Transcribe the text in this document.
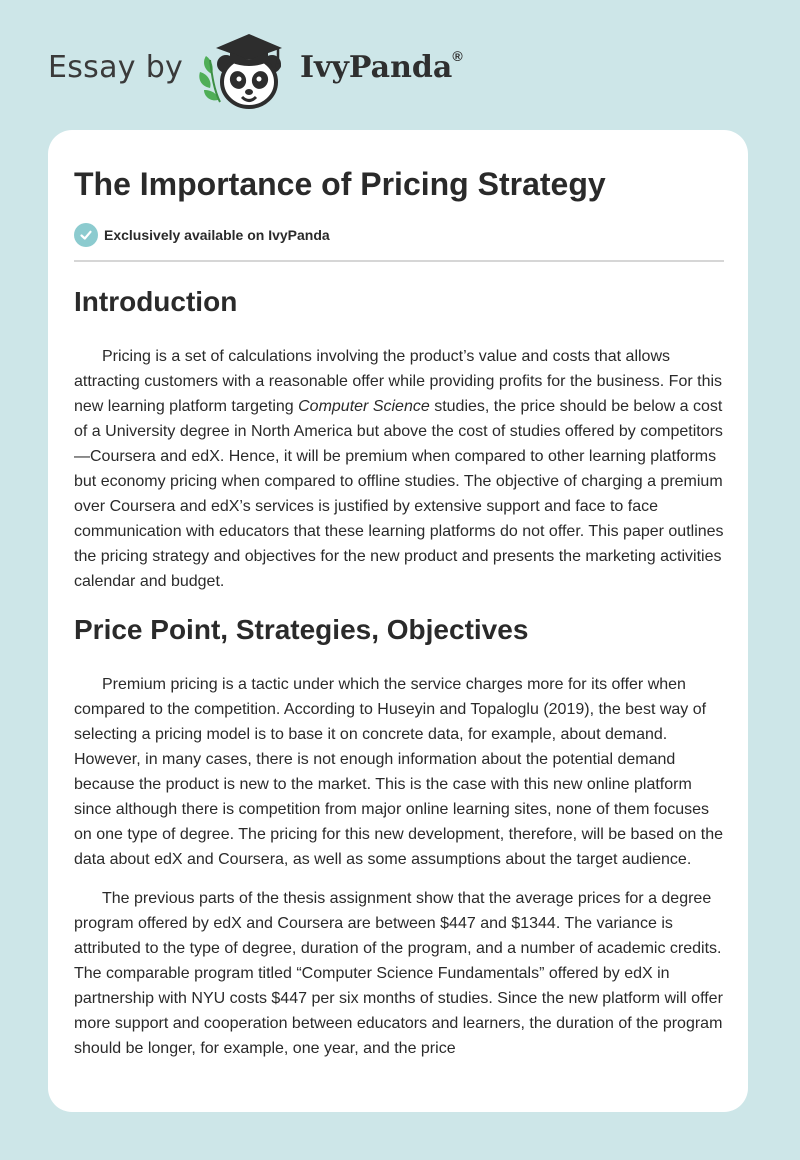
Essay by	IvyPanda®
The Importance of Pricing Strategy
Exclusively available on IvyPanda
Introduction

Pricing is a set of calculations involving the product’s value and costs that allows attracting customers with a reasonable offer while providing profits for the business. For this new learning platform targeting Computer Science studies, the price should be below a cost of a University degree in North America but above the cost of studies offered by competitors—Coursera and edX. Hence, it will be premium when compared to other learning platforms but economy pricing when compared to offline studies. The objective of charging a premium over Coursera and edX’s services is justified by extensive support and face to face communication with educators that these learning platforms do not offer. This paper outlines the pricing strategy and objectives for the new product and presents the marketing activities calendar and budget.

Price Point, Strategies, Objectives

Premium pricing is a tactic under which the service charges more for its offer when compared to the competition. According to Huseyin and Topaloglu (2019), the best way of selecting a pricing model is to base it on concrete data, for example, about demand. However, in many cases, there is not enough information about the potential demand because the product is new to the market. This is the case with this new online platform since although there is competition from major online learning sites, none of them focuses on one type of degree. The pricing for this new development, therefore, will be based on the data about edX and Coursera, as well as some assumptions about the target audience.

The previous parts of the thesis assignment show that the average prices for a degree program offered by edX and Coursera are between $447 and $1344. The variance is attributed to the type of degree, duration of the program, and a number of academic credits. The comparable program titled “Computer Science Fundamentals” offered by edX in partnership with NYU costs $447 per six months of studies. Since the new platform will offer more support and cooperation between educators and learners, the duration of the program should be longer, for example, one year, and the price
